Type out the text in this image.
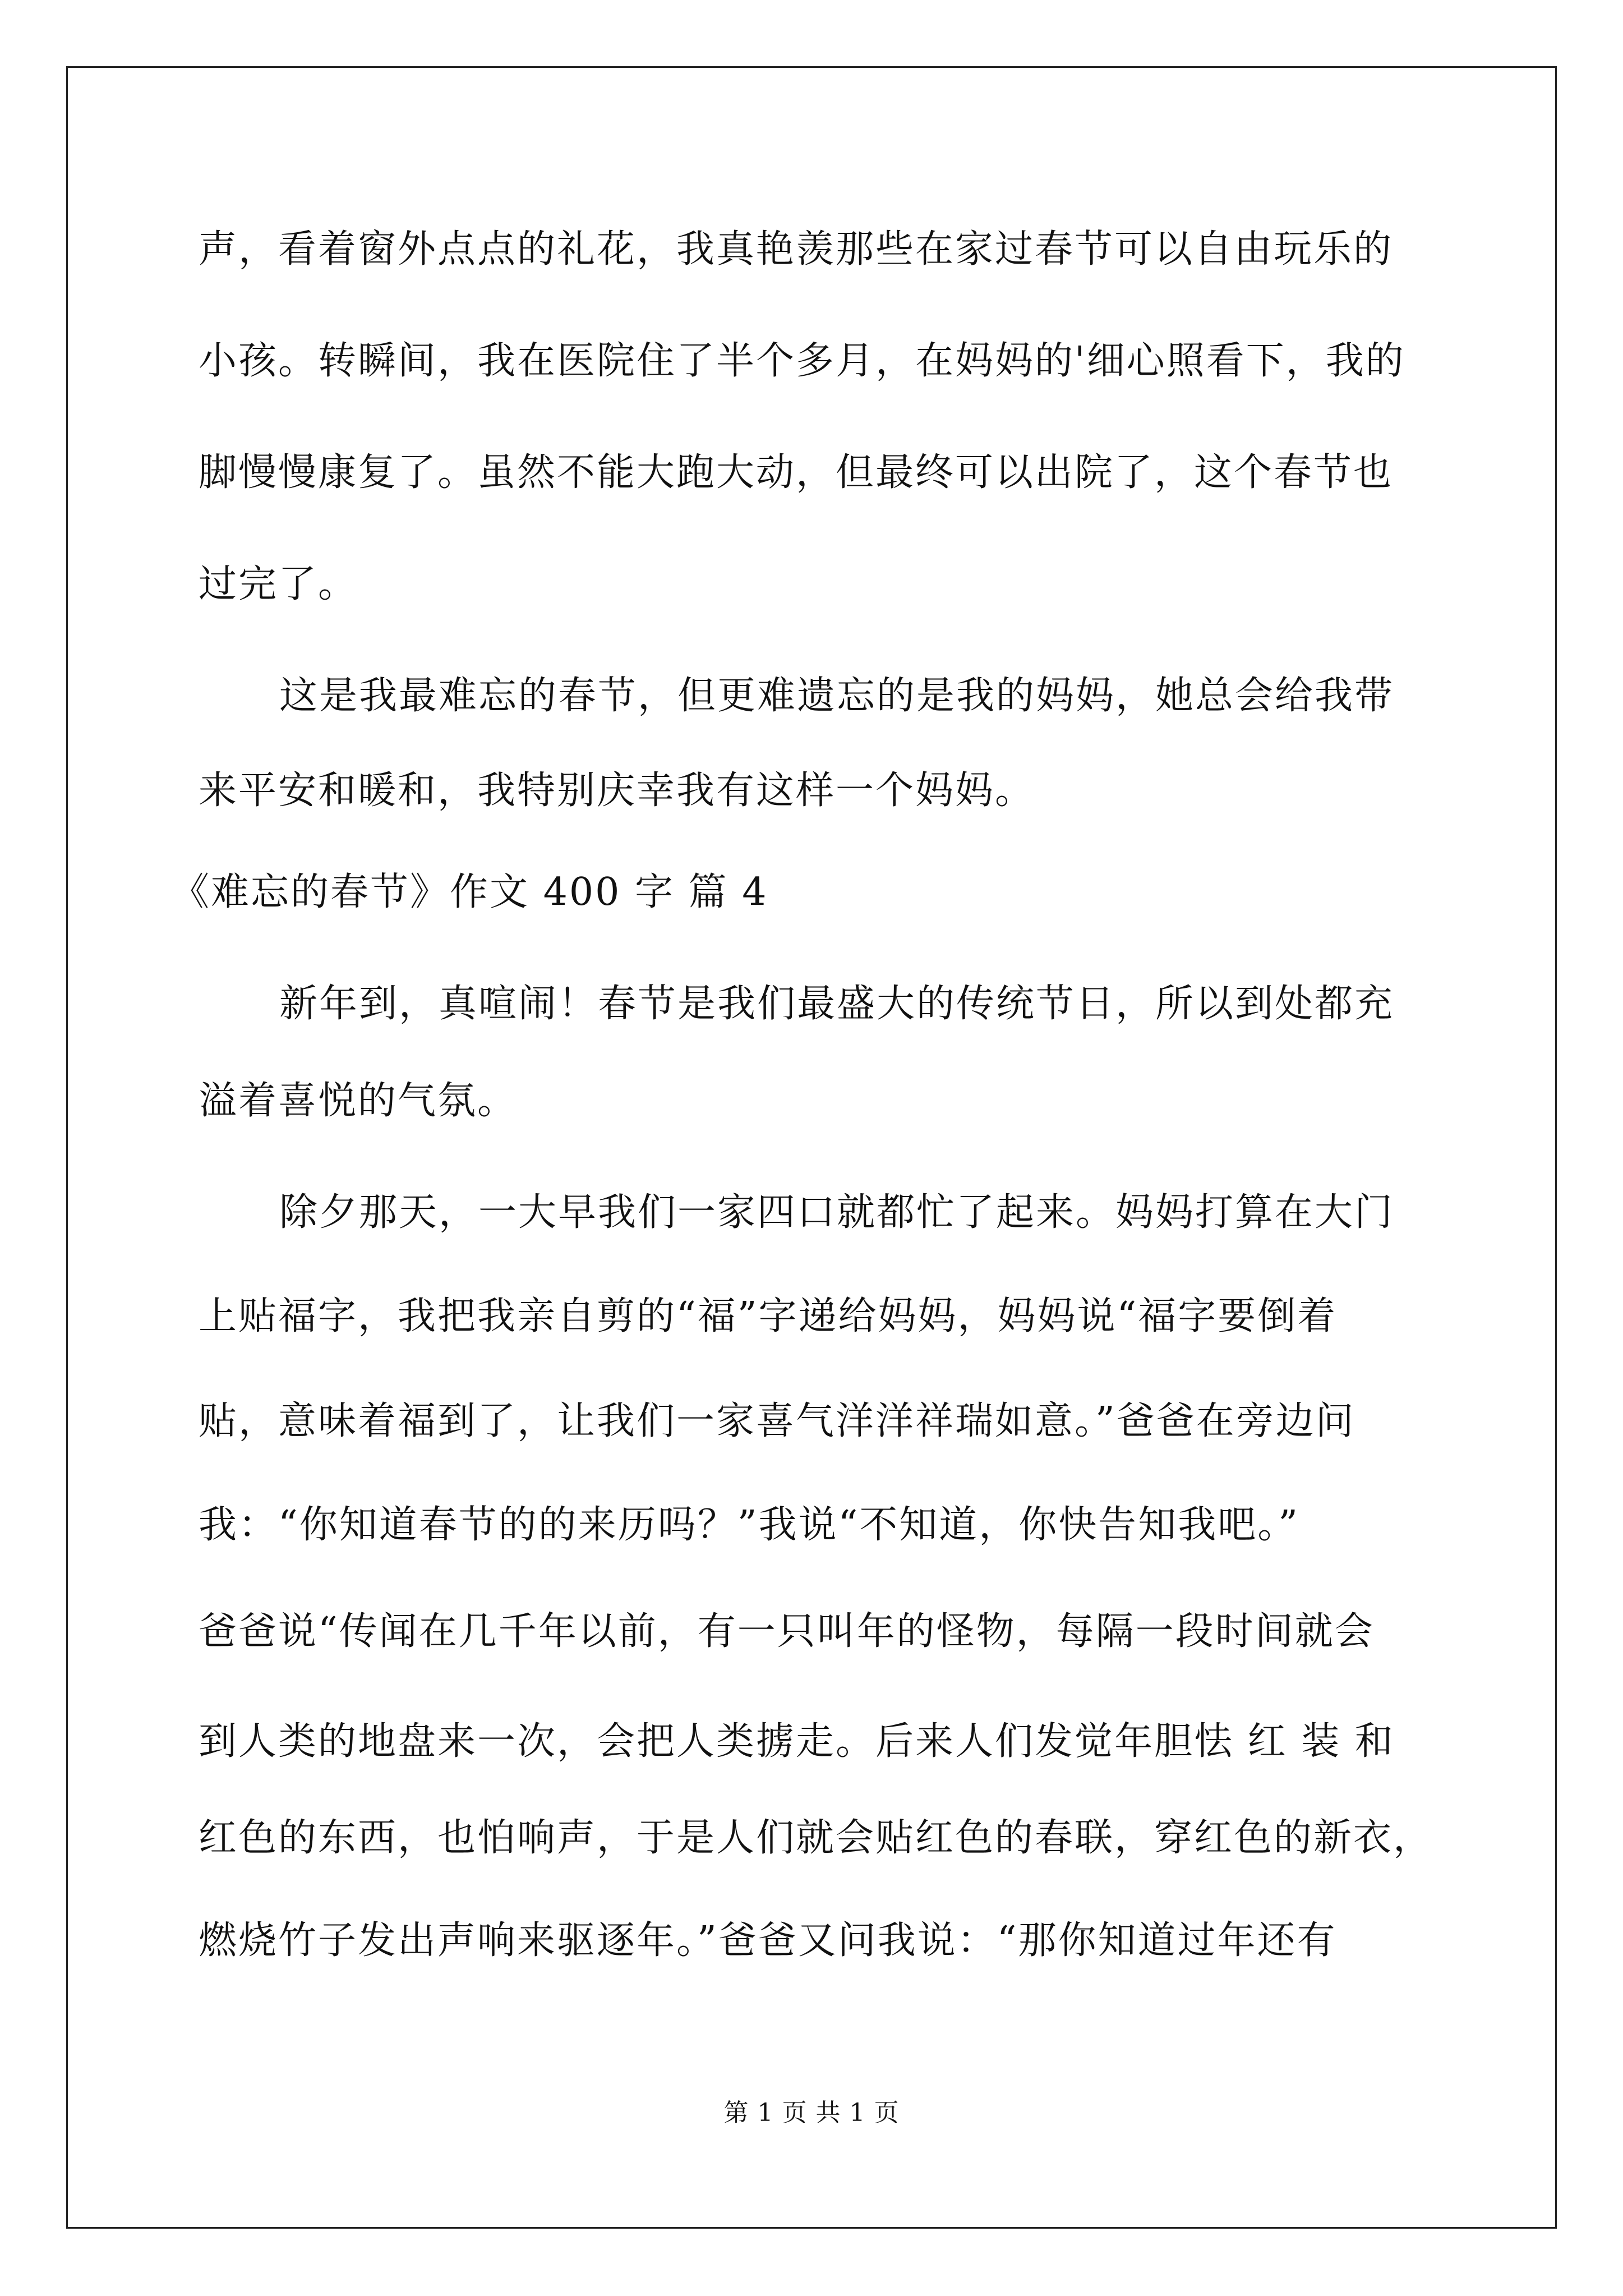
声，看着窗外点点的礼花，我真艳羡那些在家过春节可以自由玩乐的
小孩。转瞬间，我在医院住了半个多月，在妈妈的'细心照看下，我的
脚慢慢康复了。虽然不能大跑大动，但最终可以出院了，这个春节也
过完了。
这是我最难忘的春节，但更难遗忘的是我的妈妈，她总会给我带
来平安和暖和，我特别庆幸我有这样一个妈妈。
《难忘的春节》作文 400 字 篇 4
新年到，真喧闹！春节是我们最盛大的传统节日，所以到处都充
溢着喜悦的气氛。
除夕那天，一大早我们一家四口就都忙了起来。妈妈打算在大门
上贴福字，我把我亲自剪的“福”字递给妈妈，妈妈说“福字要倒着
贴，意味着福到了，让我们一家喜气洋洋祥瑞如意。”爸爸在旁边问
我：“你知道春节的的来历吗？”我说“不知道，你快告知我吧。”
爸爸说“传闻在几千年以前，有一只叫年的怪物，每隔一段时间就会
到人类的地盘来一次，会把人类掳走。后来人们发觉年胆怯 红 装 和
红色的东西，也怕响声，于是人们就会贴红色的春联，穿红色的新衣，
燃烧竹子发出声响来驱逐年。”爸爸又问我说：“那你知道过年还有
第 1 页 共 1 页
